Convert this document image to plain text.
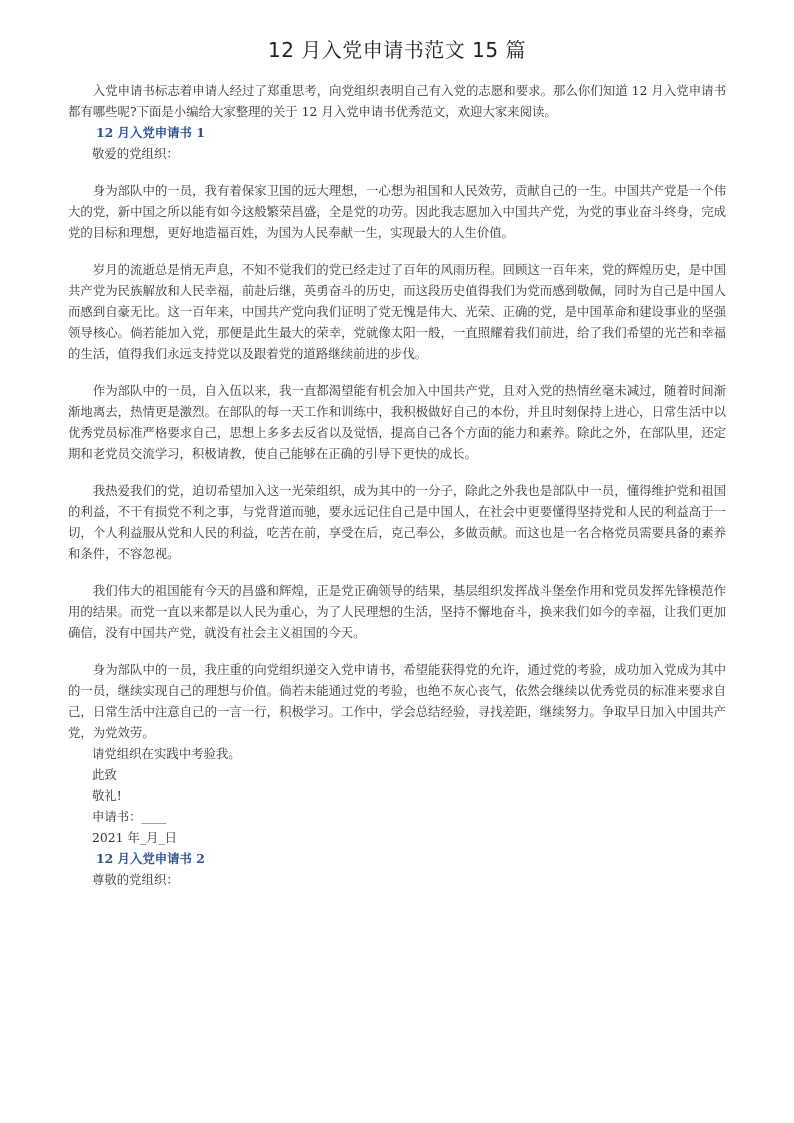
12 月入党申请书范文 15 篇

入党申请书标志着申请人经过了郑重思考，向党组织表明自己有入党的志愿和要求。那么你们知道 12 月入党申请书都有哪些呢?下面是小编给大家整理的关于 12 月入党申请书优秀范文，欢迎大家来阅读。

12 月入党申请书 1

敬爱的党组织：

身为部队中的一员，我有着保家卫国的远大理想，一心想为祖国和人民效劳，贡献自己的一生。中国共产党是一个伟大的党，新中国之所以能有如今这般繁荣昌盛，全是党的功劳。因此我志愿加入中国共产党，为党的事业奋斗终身，完成党的目标和理想，更好地造福百姓，为国为人民奉献一生，实现最大的人生价值。

岁月的流逝总是悄无声息，不知不觉我们的党已经走过了百年的风雨历程。回顾这一百年来，党的辉煌历史，是中国共产党为民族解放和人民幸福，前赴后继，英勇奋斗的历史，而这段历史值得我们为党而感到敬佩，同时为自己是中国人而感到自豪无比。这一百年来，中国共产党向我们证明了党无愧是伟大、光荣、正确的党，是中国革命和建设事业的坚强领导核心。倘若能加入党，那便是此生最大的荣幸，党就像太阳一般，一直照耀着我们前进，给了我们希望的光芒和幸福的生活，值得我们永远支持党以及跟着党的道路继续前进的步伐。

作为部队中的一员，自入伍以来，我一直都渴望能有机会加入中国共产党，且对入党的热情丝毫未减过，随着时间渐渐地离去，热情更是激烈。在部队的每一天工作和训练中，我积极做好自己的本份，并且时刻保持上进心，日常生活中以优秀党员标准严格要求自己，思想上多多去反省以及觉悟，提高自己各个方面的能力和素养。除此之外，在部队里，还定期和老党员交流学习，积极请教，使自己能够在正确的引导下更快的成长。

我热爱我们的党，迫切希望加入这一光荣组织，成为其中的一分子，除此之外我也是部队中一员，懂得维护党和祖国的利益，不干有损党不利之事，与党背道而驰，要永远记住自己是中国人，在社会中更要懂得坚持党和人民的利益高于一切，个人利益服从党和人民的利益，吃苦在前，享受在后，克己奉公，多做贡献。而这也是一名合格党员需要具备的素养和条件，不容忽视。

我们伟大的祖国能有今天的昌盛和辉煌，正是党正确领导的结果，基层组织发挥战斗堡垒作用和党员发挥先锋模范作用的结果。而党一直以来都是以人民为重心，为了人民理想的生活，坚持不懈地奋斗，换来我们如今的幸福，让我们更加确信，没有中国共产党，就没有社会主义祖国的今天。

身为部队中的一员，我庄重的向党组织递交入党申请书，希望能获得党的允许，通过党的考验，成功加入党成为其中的一员，继续实现自己的理想与价值。倘若未能通过党的考验，也绝不灰心丧气，依然会继续以优秀党员的标准来要求自己，日常生活中注意自己的一言一行，积极学习。工作中，学会总结经验，寻找差距，继续努力。争取早日加入中国共产党，为党效劳。

请党组织在实践中考验我。

此致

敬礼!

申请书：____

2021 年_月_日

12 月入党申请书 2

尊敬的党组织：
